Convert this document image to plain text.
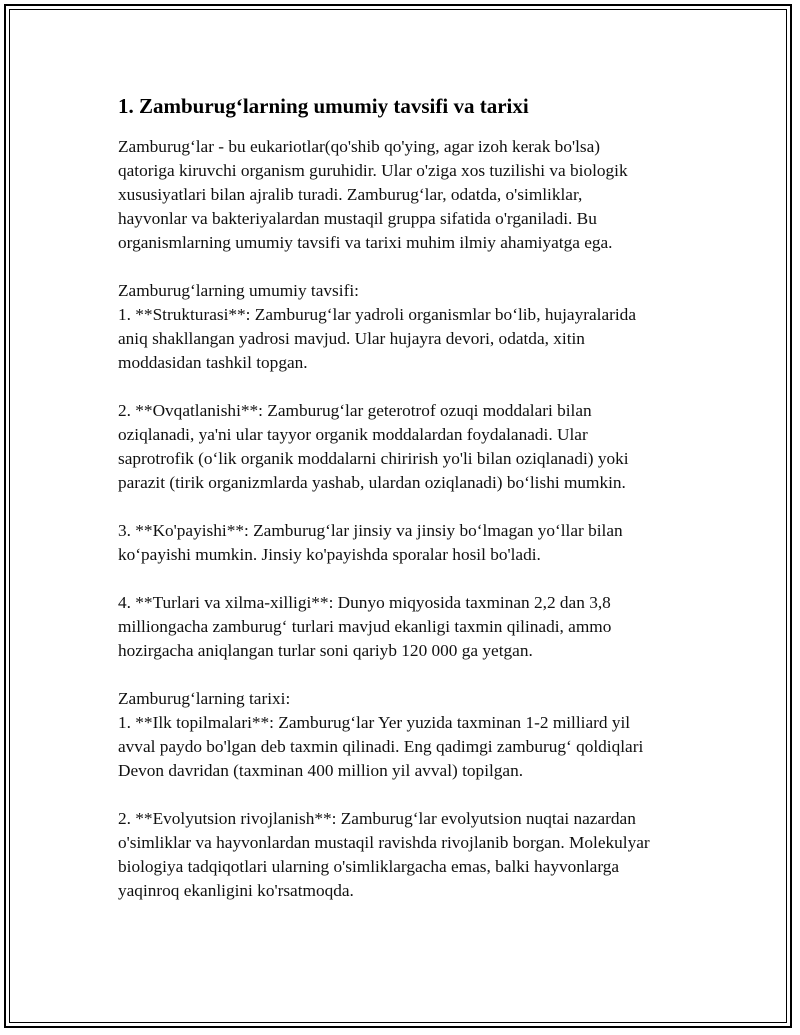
1. Zamburug‘larning umumiy tavsifi va tarixi

Zamburug‘lar - bu eukariotlar(qo'shib qo'ying, agar izoh kerak bo'lsa)
qatoriga kiruvchi organism guruhidir. Ular o'ziga xos tuzilishi va biologik
xususiyatlari bilan ajralib turadi. Zamburug‘lar, odatda, o'simliklar,
hayvonlar va bakteriyalardan mustaqil gruppa sifatida o'rganiladi. Bu
organismlarning umumiy tavsifi va tarixi muhim ilmiy ahamiyatga ega.

Zamburug‘larning umumiy tavsifi:
1. **Strukturasi**: Zamburug‘lar yadroli organismlar bo‘lib, hujayralarida
aniq shakllangan yadrosi mavjud. Ular hujayra devori, odatda, xitin
moddasidan tashkil topgan.

2. **Ovqatlanishi**: Zamburug‘lar geterotrof ozuqi moddalari bilan
oziqlanadi, ya'ni ular tayyor organik moddalardan foydalanadi. Ular
saprotrofik (o‘lik organik moddalarni chirirish yo'li bilan oziqlanadi) yoki
parazit (tirik organizmlarda yashab, ulardan oziqlanadi) bo‘lishi mumkin.

3. **Ko'payishi**: Zamburug‘lar jinsiy va jinsiy bo‘lmagan yo‘llar bilan
ko‘payishi mumkin. Jinsiy ko'payishda sporalar hosil bo'ladi.

4. **Turlari va xilma-xilligi**: Dunyo miqyosida taxminan 2,2 dan 3,8
milliongacha zamburug‘ turlari mavjud ekanligi taxmin qilinadi, ammo
hozirgacha aniqlangan turlar soni qariyb 120 000 ga yetgan.

Zamburug‘larning tarixi:
1. **Ilk topilmalari**: Zamburug‘lar Yer yuzida taxminan 1-2 milliard yil
avval paydo bo'lgan deb taxmin qilinadi. Eng qadimgi zamburug‘ qoldiqlari
Devon davridan (taxminan 400 million yil avval) topilgan.

2. **Evolyutsion rivojlanish**: Zamburug‘lar evolyutsion nuqtai nazardan
o'simliklar va hayvonlardan mustaqil ravishda rivojlanib borgan. Molekulyar
biologiya tadqiqotlari ularning o'simliklargacha emas, balki hayvonlarga
yaqinroq ekanligini ko'rsatmoqda.
